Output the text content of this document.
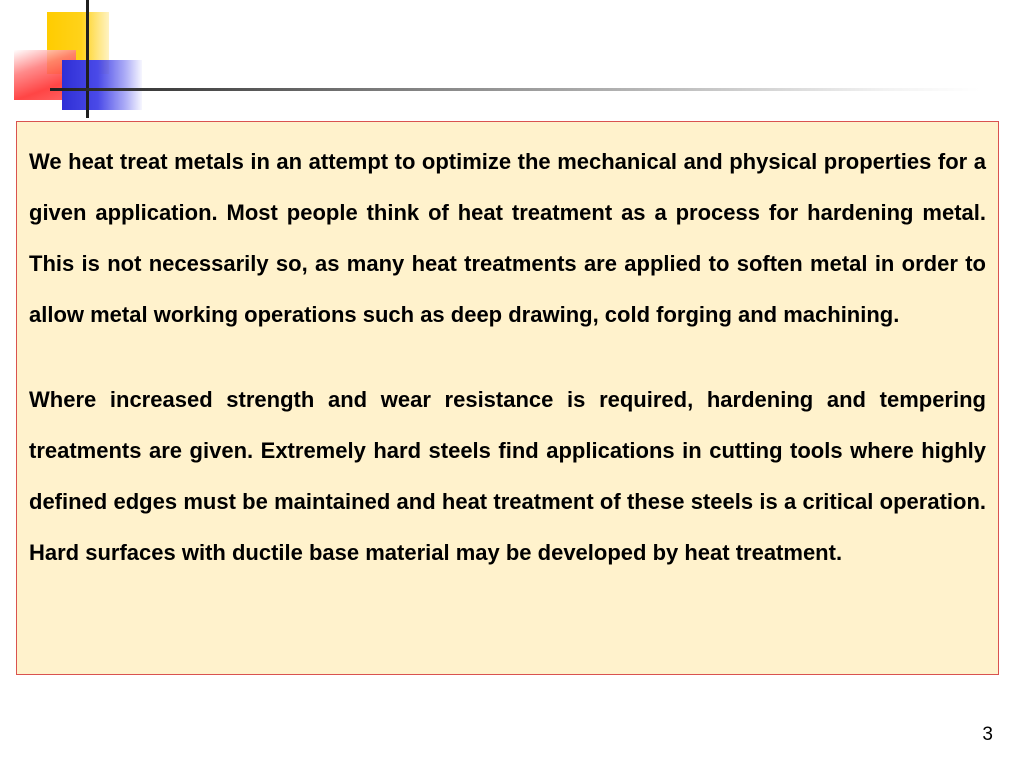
We heat treat metals in an attempt to optimize the mechanical and physical properties for a given application. Most people think of heat treatment as a process for hardening metal. This is not necessarily so, as many heat treatments are applied to soften metal in order to allow metal working operations such as deep drawing, cold forging and machining.

Where increased strength and wear resistance is required, hardening and tempering treatments are given. Extremely hard steels find applications in cutting tools where highly defined edges must be maintained and heat treatment of these steels is a critical operation. Hard surfaces with ductile base material may be developed by heat treatment.

3
